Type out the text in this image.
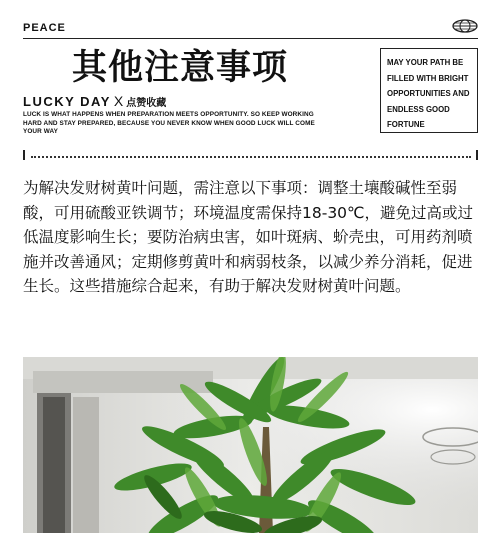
PEACE
其他注意事项
LUCKY DAY X 点赞收藏
LUCK IS WHAT HAPPENS WHEN PREPARATION MEETS OPPORTUNITY. SO KEEP WORKING HARD AND STAY PREPARED, BECAUSE YOU NEVER KNOW WHEN GOOD LUCK WILL COME YOUR WAY
MAY YOUR PATH BE FILLED WITH BRIGHT OPPORTUNITIES AND ENDLESS GOOD FORTUNE
为解决发财树黄叶问题，需注意以下事项：调整土壤酸碱性至弱酸，可用硫酸亚铁调节；环境温度需保持18-30℃，避免过高或过低温度影响生长；要防治病虫害，如叶斑病、蚧壳虫，可用药剂喷施并改善通风；定期修剪黄叶和病弱枝条，以减少养分消耗，促进生长。这些措施综合起来，有助于解决发财树黄叶问题。
